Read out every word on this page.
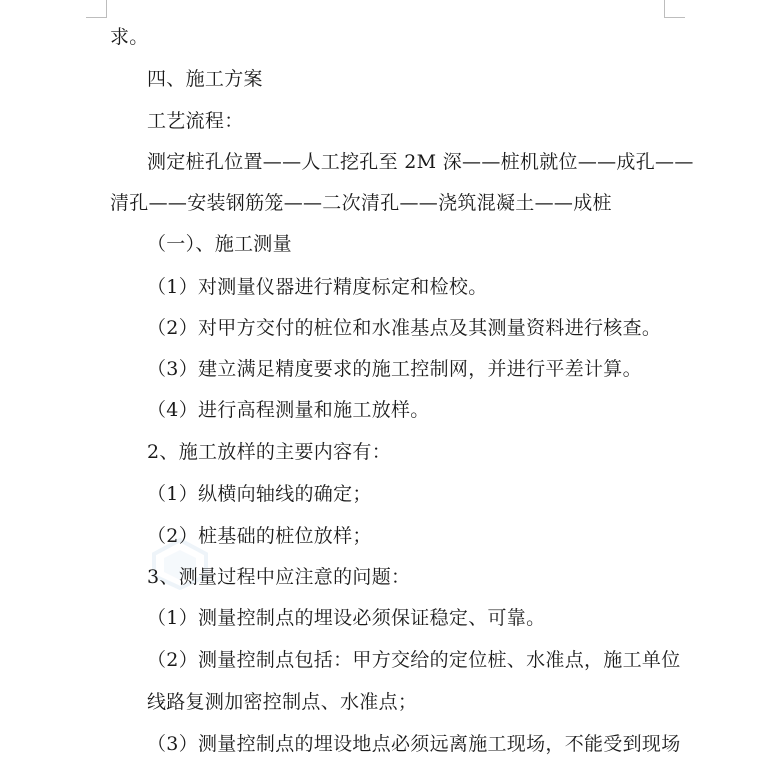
求。
四、施工方案
工艺流程：
测定桩孔位置——人工挖孔至 2M 深——桩机就位——成孔——
清孔——安装钢筋笼——二次清孔——浇筑混凝土——成桩
（一）、施工测量
（1）对测量仪器进行精度标定和检校。
（2）对甲方交付的桩位和水准基点及其测量资料进行核查。
（3）建立满足精度要求的施工控制网，并进行平差计算。
（4）进行高程测量和施工放样。
2、施工放样的主要内容有：
（1）纵横向轴线的确定；
（2）桩基础的桩位放样；
3、测量过程中应注意的问题：
（1）测量控制点的埋设必须保证稳定、可靠。
（2）测量控制点包括：甲方交给的定位桩、水准点，施工单位
线路复测加密控制点、水准点；
（3）测量控制点的埋设地点必须远离施工现场，不能受到现场
